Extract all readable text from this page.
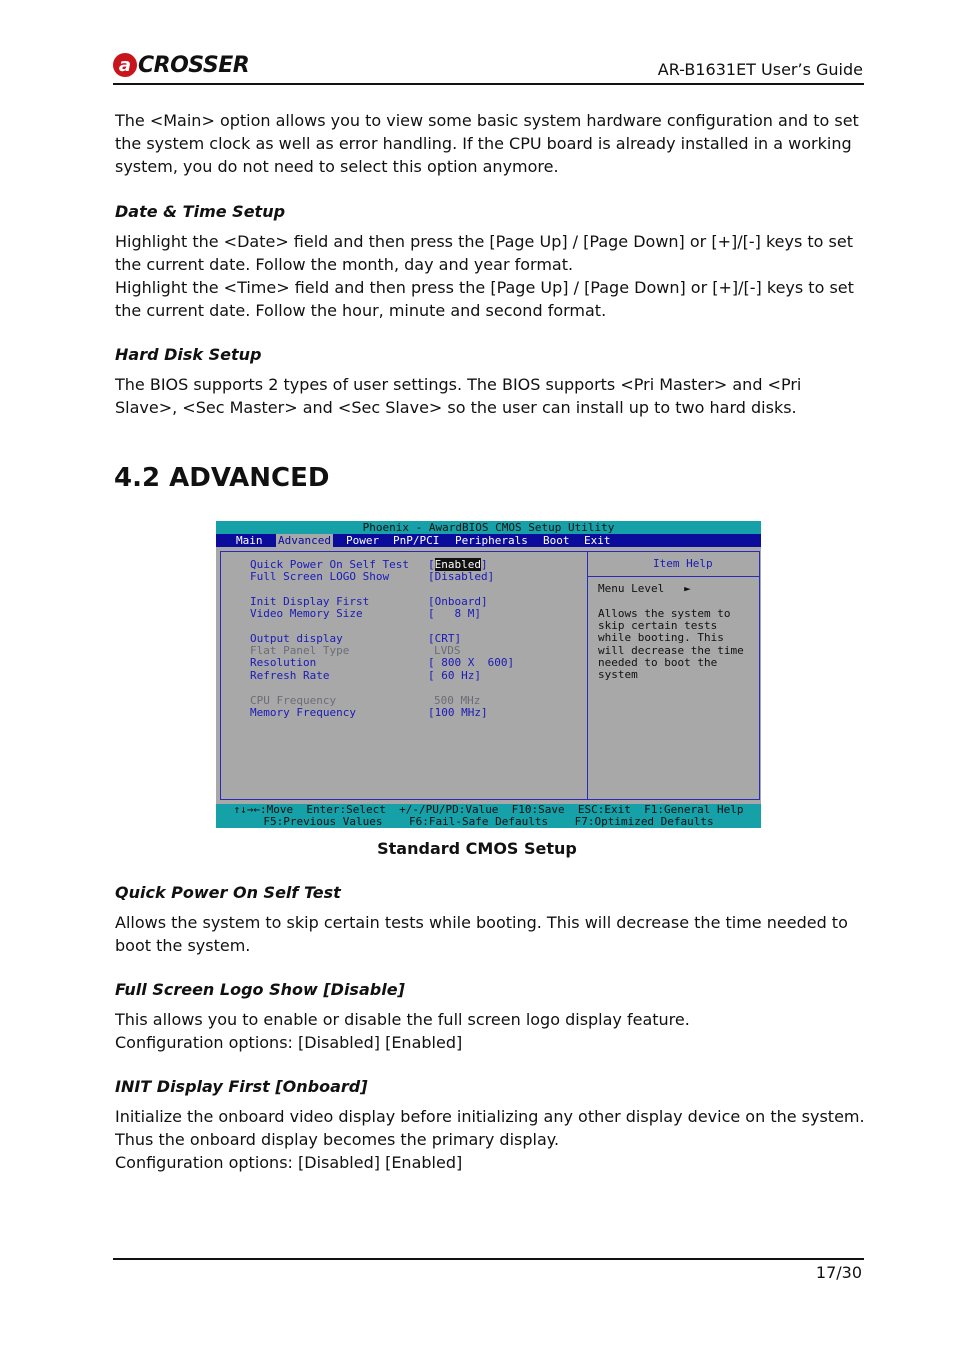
a CROSSER	AR-B1631ET User’s Guide
The <Main> option allows you to view some basic system hardware configuration and to set the system clock as well as error handling. If the CPU board is already installed in a working system, you do not need to select this option anymore.
Date & Time Setup
Highlight the <Date> field and then press the [Page Up] / [Page Down] or [+]/[-] keys to set the current date. Follow the month, day and year format.
Highlight the <Time> field and then press the [Page Up] / [Page Down] or [+]/[-] keys to set the current date. Follow the hour, minute and second format.
Hard Disk Setup
The BIOS supports 2 types of user settings. The BIOS supports <Pri Master> and <Pri Slave>, <Sec Master> and <Sec Slave> so the user can install up to two hard disks.
4.2 ADVANCED
Phoenix - AwardBIOS CMOS Setup Utility
Main Advanced Power PnP/PCI Peripherals Boot Exit
Quick Power On Self Test [Enabled]
Full Screen LOGO Show	[Disabled]
Init Display First	[Onboard]
Video Memory Size	[   8 M]
Output display	[CRT]
Flat Panel Type	LVDS
Resolution	[ 800 X  600]
Refresh Rate	[ 60 Hz]
CPU Frequency	500 MHz
Memory Frequency	[100 MHz]
Item Help
Menu Level   ►
Allows the system to
skip certain tests
while booting. This
will decrease the time
needed to boot the
system
↑↓→←:Move  Enter:Select  +/-/PU/PD:Value  F10:Save  ESC:Exit  F1:General Help
F5:Previous Values    F6:Fail-Safe Defaults    F7:Optimized Defaults
Standard CMOS Setup
Quick Power On Self Test
Allows the system to skip certain tests while booting. This will decrease the time needed to boot the system.
Full Screen Logo Show [Disable]
This allows you to enable or disable the full screen logo display feature.
Configuration options: [Disabled] [Enabled]
INIT Display First [Onboard]
Initialize the onboard video display before initializing any other display device on the system.
Thus the onboard display becomes the primary display.
Configuration options: [Disabled] [Enabled]
17/30
